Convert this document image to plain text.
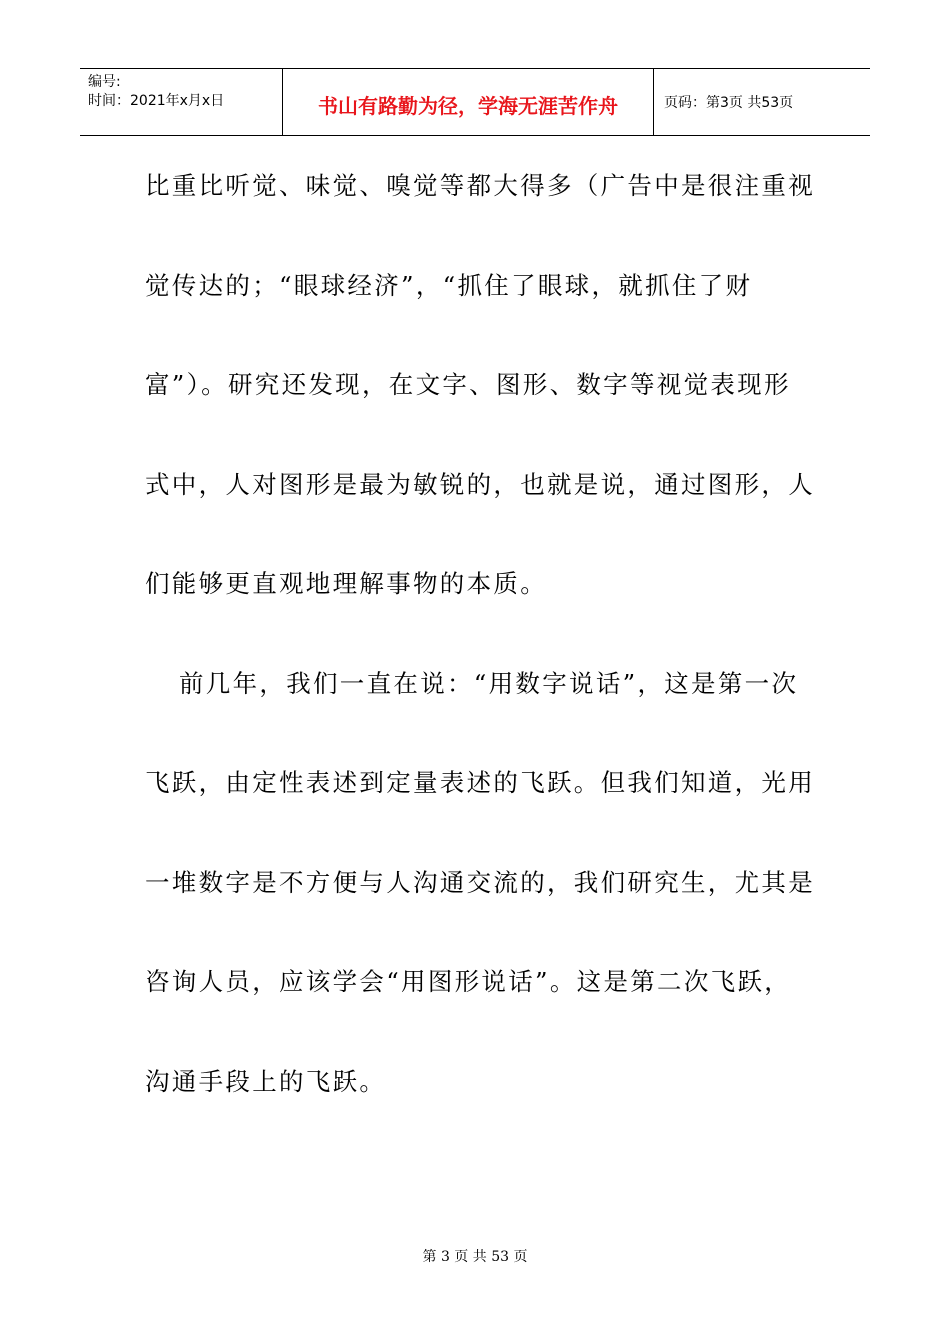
编号:
时间：2021年x月x日	书山有路勤为径，学海无涯苦作舟	页码：第3页 共53页
比重比听觉、味觉、嗅觉等都大得多（广告中是很注重视
觉传达的；“眼球经济”，“抓住了眼球，就抓住了财
富”）。研究还发现，在文字、图形、数字等视觉表现形
式中，人对图形是最为敏锐的，也就是说，通过图形，人
们能够更直观地理解事物的本质。
前几年，我们一直在说：“用数字说话”，这是第一次
飞跃，由定性表述到定量表述的飞跃。但我们知道，光用
一堆数字是不方便与人沟通交流的，我们研究生，尤其是
咨询人员，应该学会“用图形说话”。这是第二次飞跃，
沟通手段上的飞跃。
第 3 页 共 53 页
